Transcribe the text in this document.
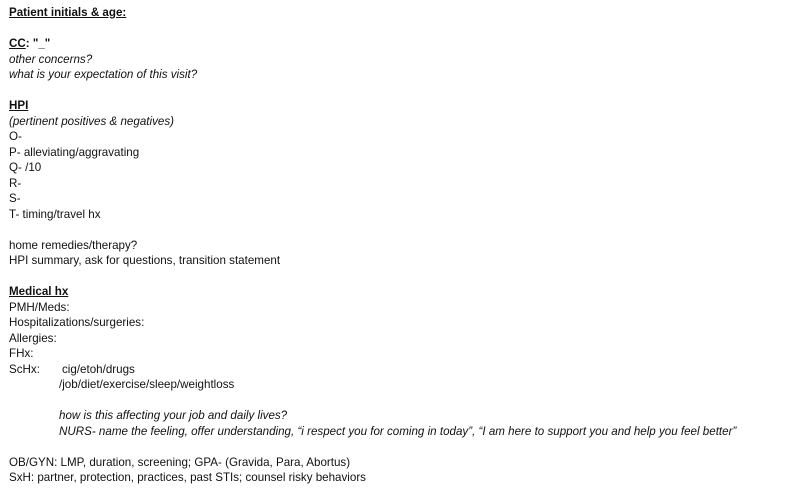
Patient initials & age:
CC: "_"
other concerns?
what is your expectation of this visit?
HPI
(pertinent positives & negatives)
O-
P- alleviating/aggravating
Q- /10
R-
S-
T- timing/travel hx
home remedies/therapy?
HPI summary, ask for questions, transition statement
Medical hx
PMH/Meds:
Hospitalizations/surgeries:
Allergies:
FHx:
ScHx: cig/etoh/drugs
/job/diet/exercise/sleep/weightloss
how is this affecting your job and daily lives?
NURS- name the feeling, offer understanding, “i respect you for coming in today”, “I am here to support you and help you feel better”
OB/GYN: LMP, duration, screening; GPA- (Gravida, Para, Abortus)
SxH: partner, protection, practices, past STIs; counsel risky behaviors
